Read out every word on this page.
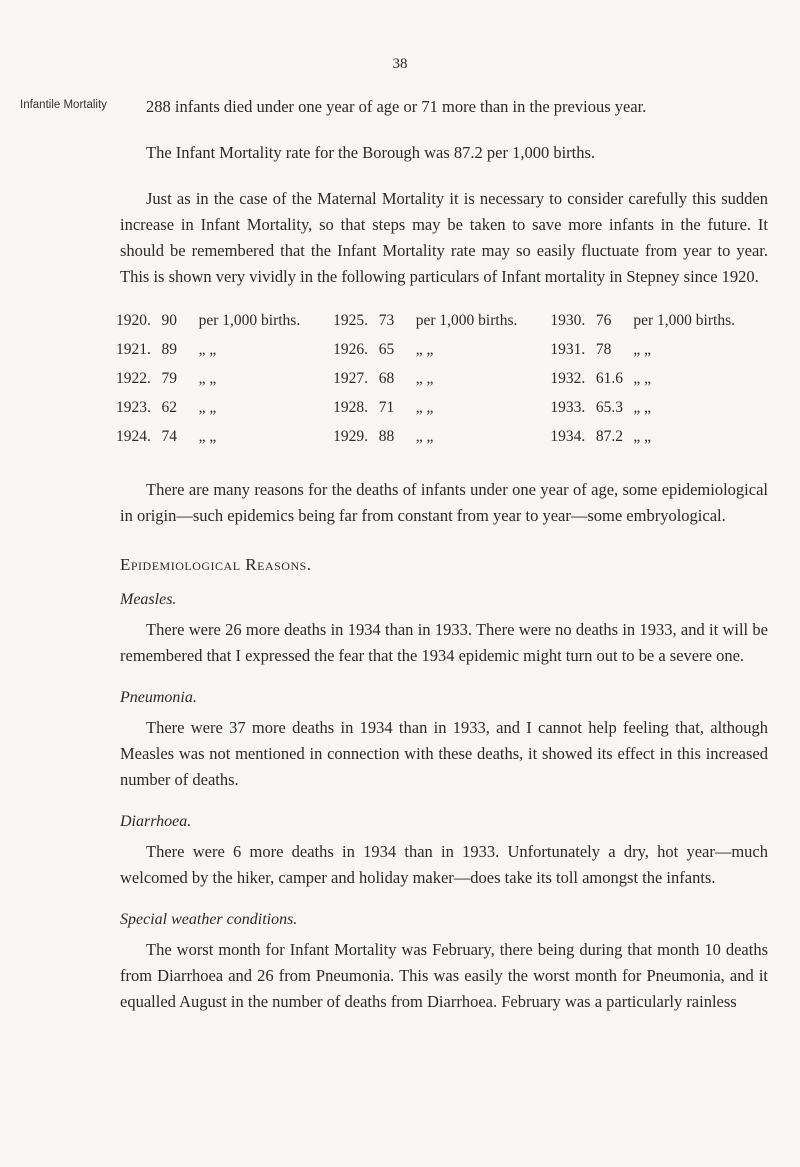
38
Infantile Mortality	288 infants died under one year of age or 71 more than in the previous year.

The Infant Mortality rate for the Borough was 87.2 per 1,000 births.

Just as in the case of the Maternal Mortality it is necessary to consider carefully this sudden increase in Infant Mortality, so that steps may be taken to save more infants in the future. It should be remembered that the Infant Mortality rate may so easily fluctuate from year to year. This is shown very vividly in the following particulars of Infant mortality in Stepney since 1920.

1920.	90	per 1,000 births.	1925.	73	per 1,000 births.	1930.	76	per 1,000 births.
1921.	89	„ „	1926.	65	„ „	1931.	78	„ „
1922.	79	„ „	1927.	68	„ „	1932.	61.6	„ „
1923.	62	„ „	1928.	71	„ „	1933.	65.3	„ „
1924.	74	„ „	1929.	88	„ „	1934.	87.2	„ „

There are many reasons for the deaths of infants under one year of age, some epidemiological in origin—such epidemics being far from constant from year to year—some embryological.

Epidemiological Reasons.
Measles.

There were 26 more deaths in 1934 than in 1933. There were no deaths in 1933, and it will be remembered that I expressed the fear that the 1934 epidemic might turn out to be a severe one.

Pneumonia.

There were 37 more deaths in 1934 than in 1933, and I cannot help feeling that, although Measles was not mentioned in connection with these deaths, it showed its effect in this increased number of deaths.

Diarrhoea.

There were 6 more deaths in 1934 than in 1933. Unfortunately a dry, hot year—much welcomed by the hiker, camper and holiday maker—does take its toll amongst the infants.

Special weather conditions.

The worst month for Infant Mortality was February, there being during that month 10 deaths from Diarrhoea and 26 from Pneumonia. This was easily the worst month for Pneumonia, and it equalled August in the number of deaths from Diarrhoea. February was a particularly rainless
